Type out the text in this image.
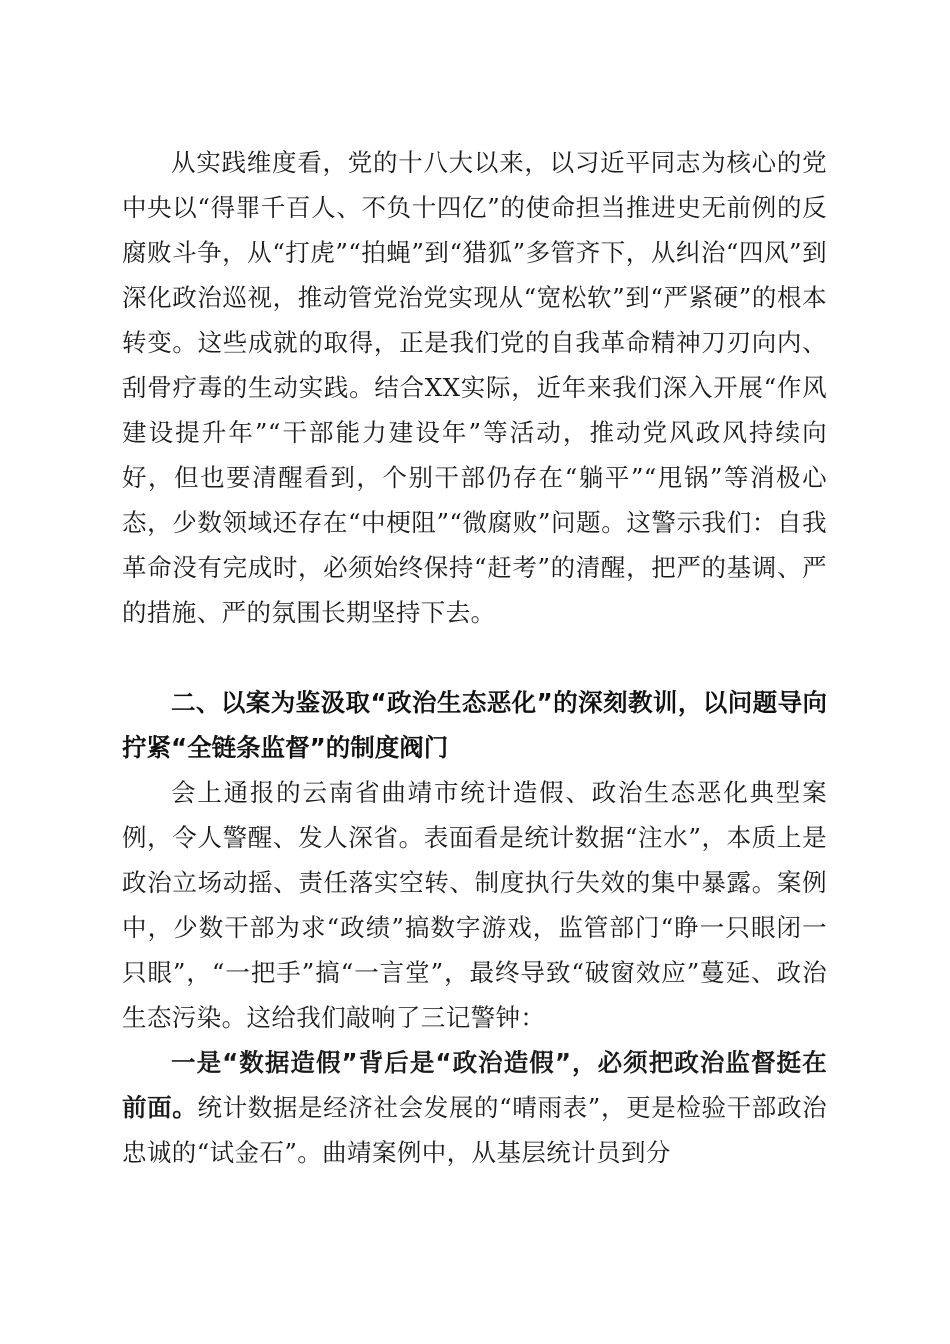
从实践维度看，党的十八大以来，以习近平同志为核心的党中央以“得罪千百人、不负十四亿”的使命担当推进史无前例的反腐败斗争，从“打虎”“拍蝇”到“猎狐”多管齐下，从纠治“四风”到深化政治巡视，推动管党治党实现从“宽松软”到“严紧硬”的根本转变。这些成就的取得，正是我们党的自我革命精神刀刃向内、刮骨疗毒的生动实践。结合XX实际，近年来我们深入开展“作风建设提升年”“干部能力建设年”等活动，推动党风政风持续向好，但也要清醒看到，个别干部仍存在“躺平”“甩锅”等消极心态，少数领域还存在“中梗阻”“微腐败”问题。这警示我们：自我革命没有完成时，必须始终保持“赶考”的清醒，把严的基调、严的措施、严的氛围长期坚持下去。

二、以案为鉴汲取“政治生态恶化”的深刻教训，以问题导向拧紧“全链条监督”的制度阀门

会上通报的云南省曲靖市统计造假、政治生态恶化典型案例，令人警醒、发人深省。表面看是统计数据“注水”，本质上是政治立场动摇、责任落实空转、制度执行失效的集中暴露。案例中，少数干部为求“政绩”搞数字游戏，监管部门“睁一只眼闭一只眼”，“一把手”搞“一言堂”，最终导致“破窗效应”蔓延、政治生态污染。这给我们敲响了三记警钟：

一是“数据造假”背后是“政治造假”，必须把政治监督挺在前面。统计数据是经济社会发展的“晴雨表”，更是检验干部政治忠诚的“试金石”。曲靖案例中，从基层统计员到分
